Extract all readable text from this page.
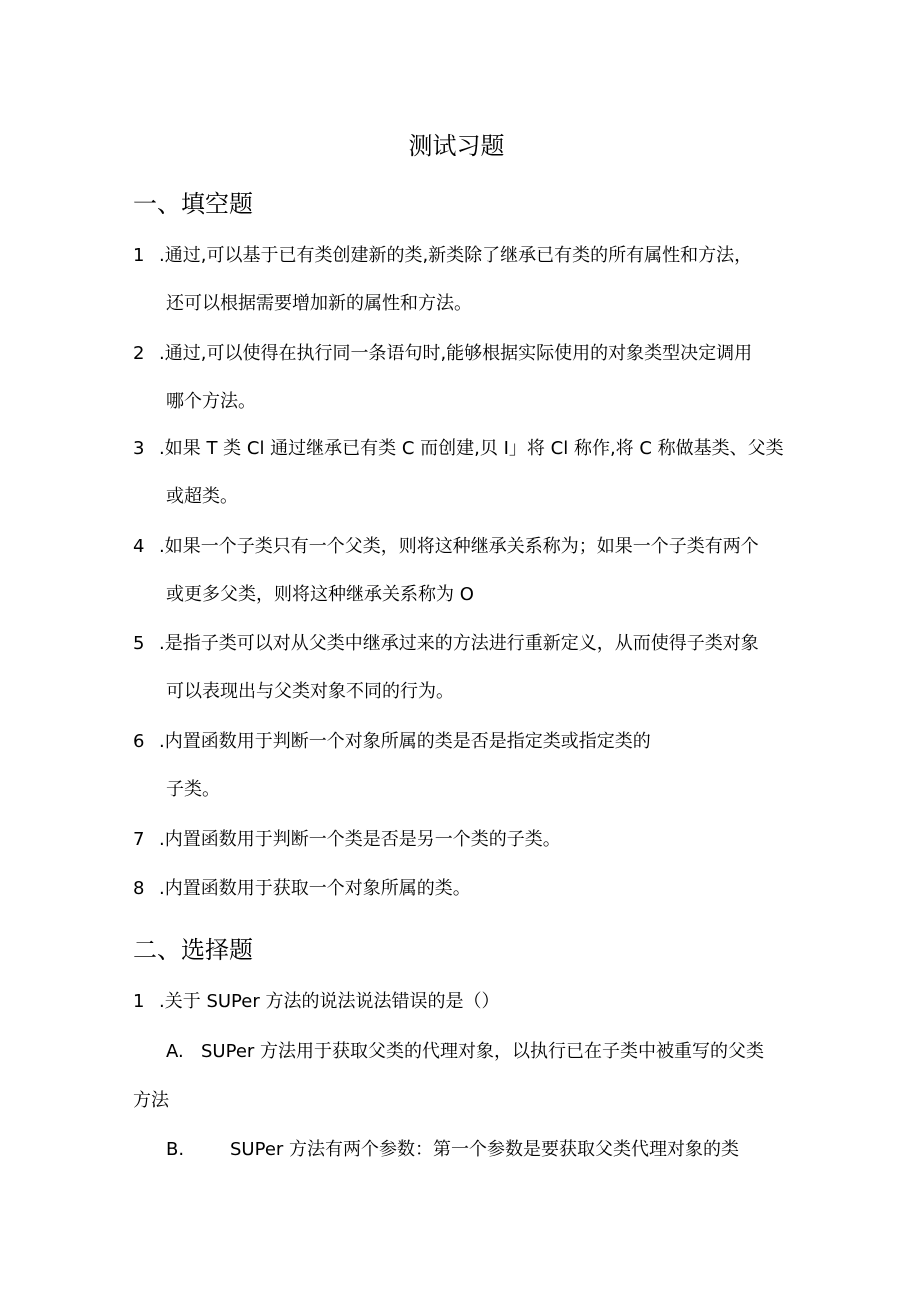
测试习题
一、填空题
1 .通过,可以基于已有类创建新的类,新类除了继承已有类的所有属性和方法，
还可以根据需要增加新的属性和方法。
2 .通过,可以使得在执行同一条语句时,能够根据实际使用的对象类型决定调用
哪个方法。
3 .如果 T 类 Cl 通过继承已有类 C 而创建,贝 I」将 Cl 称作,将 C 称做基类、父类
或超类。
4 .如果一个子类只有一个父类，则将这种继承关系称为；如果一个子类有两个
或更多父类，则将这种继承关系称为 O
5 .是指子类可以对从父类中继承过来的方法进行重新定义，从而使得子类对象
可以表现出与父类对象不同的行为。
6 .内置函数用于判断一个对象所属的类是否是指定类或指定类的
子类。
7 .内置函数用于判断一个类是否是另一个类的子类。
8 .内置函数用于获取一个对象所属的类。
二、选择题
1 .关于 SUPer 方法的说法说法错误的是（）
A. SUPer 方法用于获取父类的代理对象，以执行已在子类中被重写的父类
方法
B.	SUPer 方法有两个参数：第一个参数是要获取父类代理对象的类
